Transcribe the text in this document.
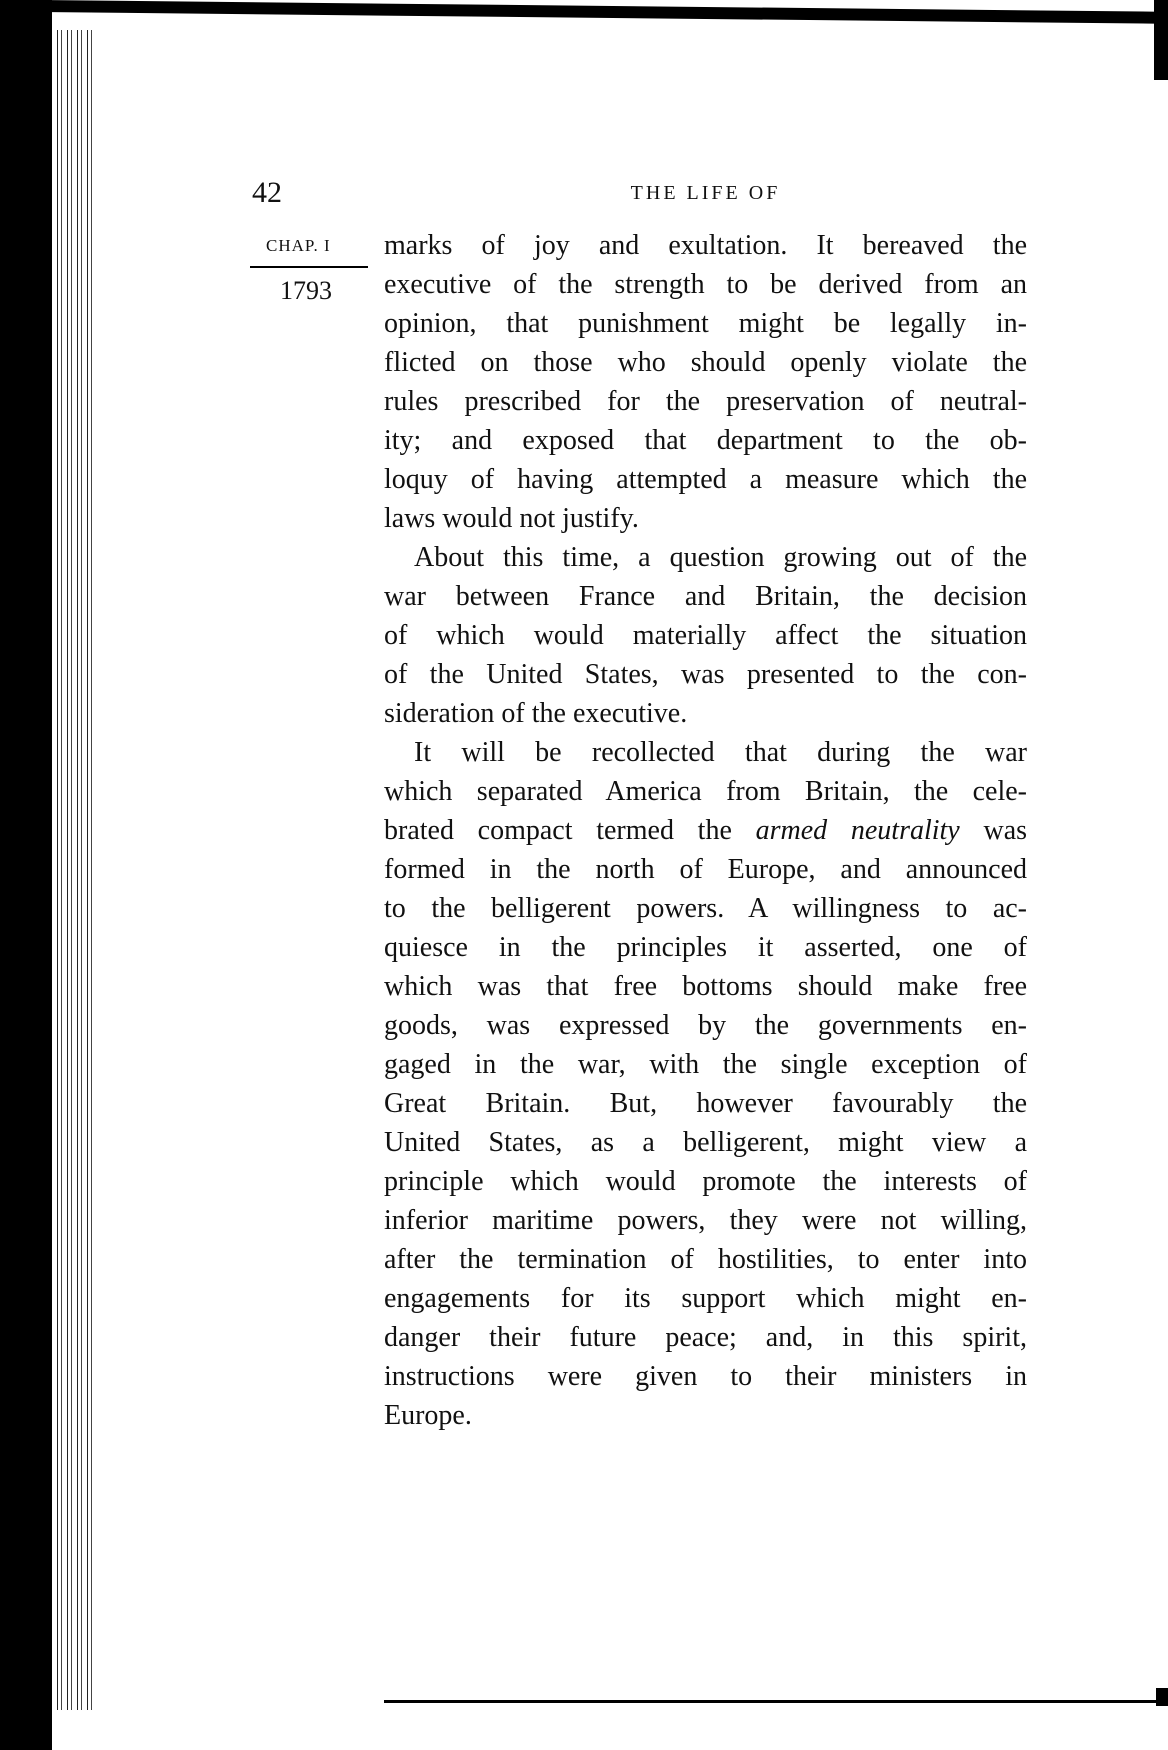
42	THE LIFE OF
CHAP. I
1793
marks of joy and exultation. It bereaved the
executive of the strength to be derived from an
opinion, that punishment might be legally in-
flicted on those who should openly violate the
rules prescribed for the preservation of neutral-
ity; and exposed that department to the ob-
loquy of having attempted a measure which the
laws would not justify.
About this time, a question growing out of the
war between France and Britain, the decision
of which would materially affect the situation
of the United States, was presented to the con-
sideration of the executive.
It will be recollected that during the war
which separated America from Britain, the cele-
brated compact termed the armed neutrality was
formed in the north of Europe, and announced
to the belligerent powers. A willingness to ac-
quiesce in the principles it asserted, one of
which was that free bottoms should make free
goods, was expressed by the governments en-
gaged in the war, with the single exception of
Great Britain. But, however favourably the
United States, as a belligerent, might view a
principle which would promote the interests of
inferior maritime powers, they were not willing,
after the termination of hostilities, to enter into
engagements for its support which might en-
danger their future peace; and, in this spirit,
instructions were given to their ministers in
Europe.
